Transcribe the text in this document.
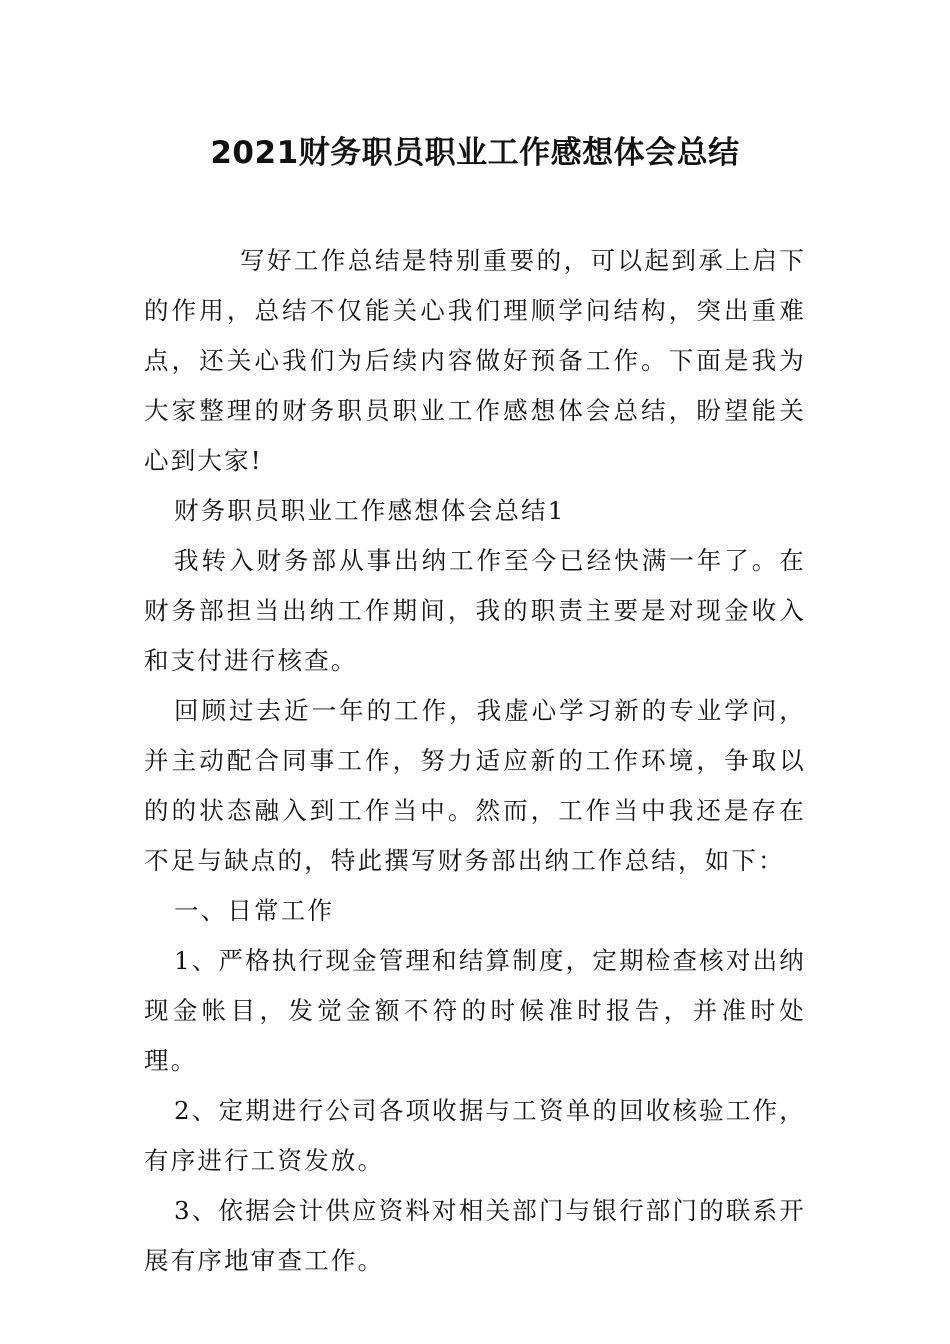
2021财务职员职业工作感想体会总结

写好工作总结是特别重要的，可以起到承上启下的作用，总结不仅能关心我们理顺学问结构，突出重难点，还关心我们为后续内容做好预备工作。下面是我为大家整理的财务职员职业工作感想体会总结，盼望能关心到大家!

财务职员职业工作感想体会总结1

我转入财务部从事出纳工作至今已经快满一年了。在财务部担当出纳工作期间，我的职责主要是对现金收入和支付进行核查。

回顾过去近一年的工作，我虚心学习新的专业学问，并主动配合同事工作，努力适应新的工作环境，争取以的的状态融入到工作当中。然而，工作当中我还是存在不足与缺点的，特此撰写财务部出纳工作总结，如下：

一、日常工作

1、严格执行现金管理和结算制度，定期检查核对出纳现金帐目，发觉金额不符的时候准时报告，并准时处理。

2、定期进行公司各项收据与工资单的回收核验工作，有序进行工资发放。

3、依据会计供应资料对相关部门与银行部门的联系开展有序地审查工作。
